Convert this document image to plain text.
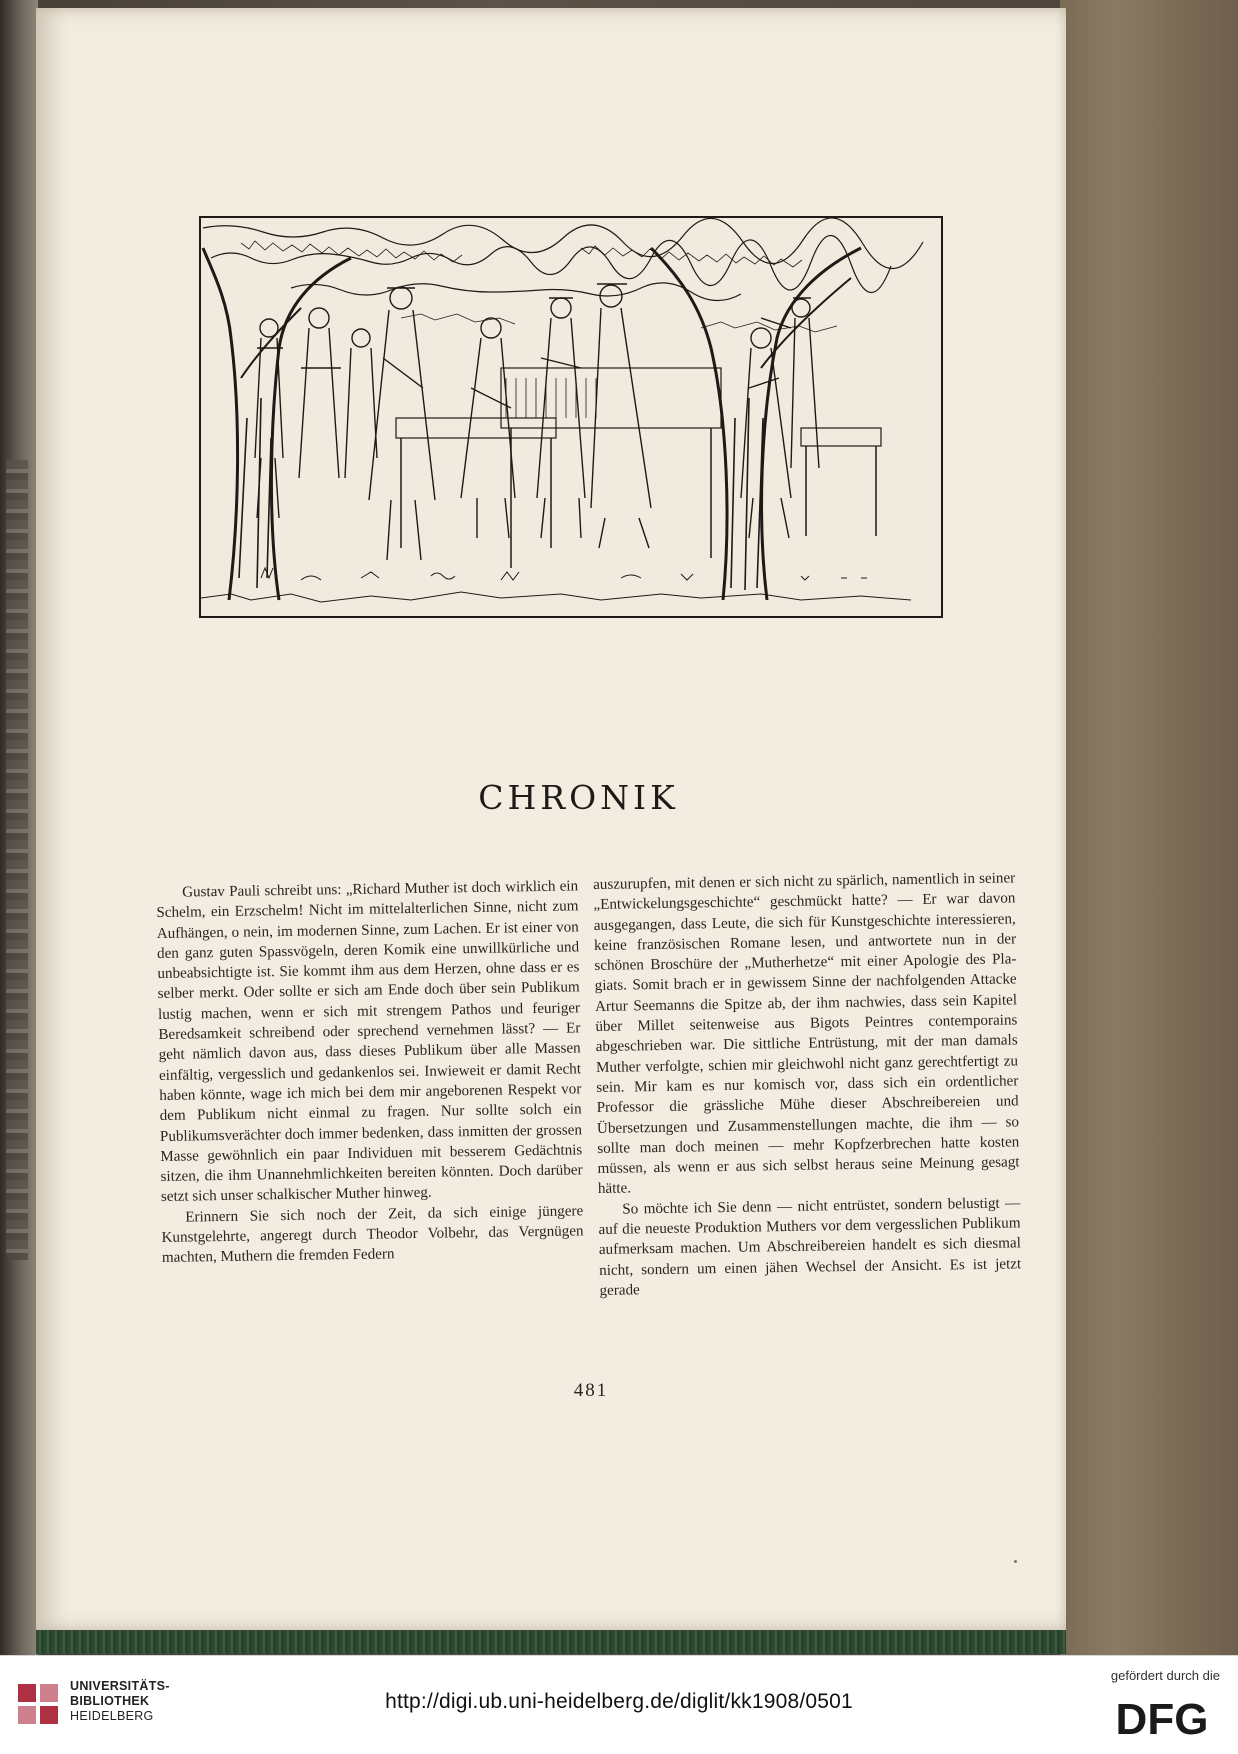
CHRONIK

Gustav Pauli schreibt uns: „Richard Muther ist doch wirklich ein Schelm, ein Erzschelm! Nicht im mittelalterlichen Sinne, nicht zum Aufhängen, o nein, im modernen Sinne, zum Lachen. Er ist einer von den ganz guten Spassvögeln, deren Komik eine unwillkürliche und unbeabsichtigte ist. Sie kommt ihm aus dem Herzen, ohne dass er es selber merkt. Oder sollte er sich am Ende doch über sein Publikum lustig machen, wenn er sich mit strengem Pathos und feuriger Beredsamkeit schreibend oder sprechend vernehmen lässt? — Er geht nämlich davon aus, dass dieses Publikum über alle Massen einfältig, vergesslich und gedankenlos sei. Inwieweit er damit Recht haben könnte, wage ich mich bei dem mir angeborenen Respekt vor dem Publikum nicht einmal zu fragen. Nur sollte solch ein Publikumsverächter doch immer bedenken, dass inmitten der grossen Masse gewöhnlich ein paar Individuen mit besserem Gedächtnis sitzen, die ihm Unannehmlichkeiten bereiten könnten. Doch darüber setzt sich unser schalkischer Muther hinweg.

Erinnern Sie sich noch der Zeit, da sich einige jüngere Kunstgelehrte, angeregt durch Theodor Volbehr, das Vergnügen machten, Muthern die fremden Federn

auszurupfen, mit denen er sich nicht zu spärlich, namentlich in seiner „Entwickelungsgeschichte“ geschmückt hatte? — Er war davon ausgegangen, dass Leute, die sich für Kunstgeschichte interessieren, keine französischen Romane lesen, und antwortete nun in der schönen Broschüre der „Mutherhetze“ mit einer Apologie des Plagiats. Somit brach er in gewissem Sinne der nachfolgenden Attacke Artur Seemanns die Spitze ab, der ihm nachwies, dass sein Kapitel über Millet seitenweise aus Bigots Peintres contemporains abgeschrieben war. Die sittliche Entrüstung, mit der man damals Muther verfolgte, schien mir gleichwohl nicht ganz gerechtfertigt zu sein. Mir kam es nur komisch vor, dass sich ein ordentlicher Professor die grässliche Mühe dieser Abschreibereien und Übersetzungen und Zusammenstellungen machte, die ihm — so sollte man doch meinen — mehr Kopfzerbrechen hatte kosten müssen, als wenn er aus sich selbst heraus seine Meinung gesagt hätte.

So möchte ich Sie denn — nicht entrüstet, sondern belustigt — auf die neueste Produktion Muthers vor dem vergesslichen Publikum aufmerksam machen. Um Abschreibereien handelt es sich diesmal nicht, sondern um einen jähen Wechsel der Ansicht. Es ist jetzt gerade

481
UNIVERSITÄTS-
BIBLIOTHEK
HEIDELBERG
http://digi.ub.uni-heidelberg.de/diglit/kk1908/0501
gefördert durch die
DFG
